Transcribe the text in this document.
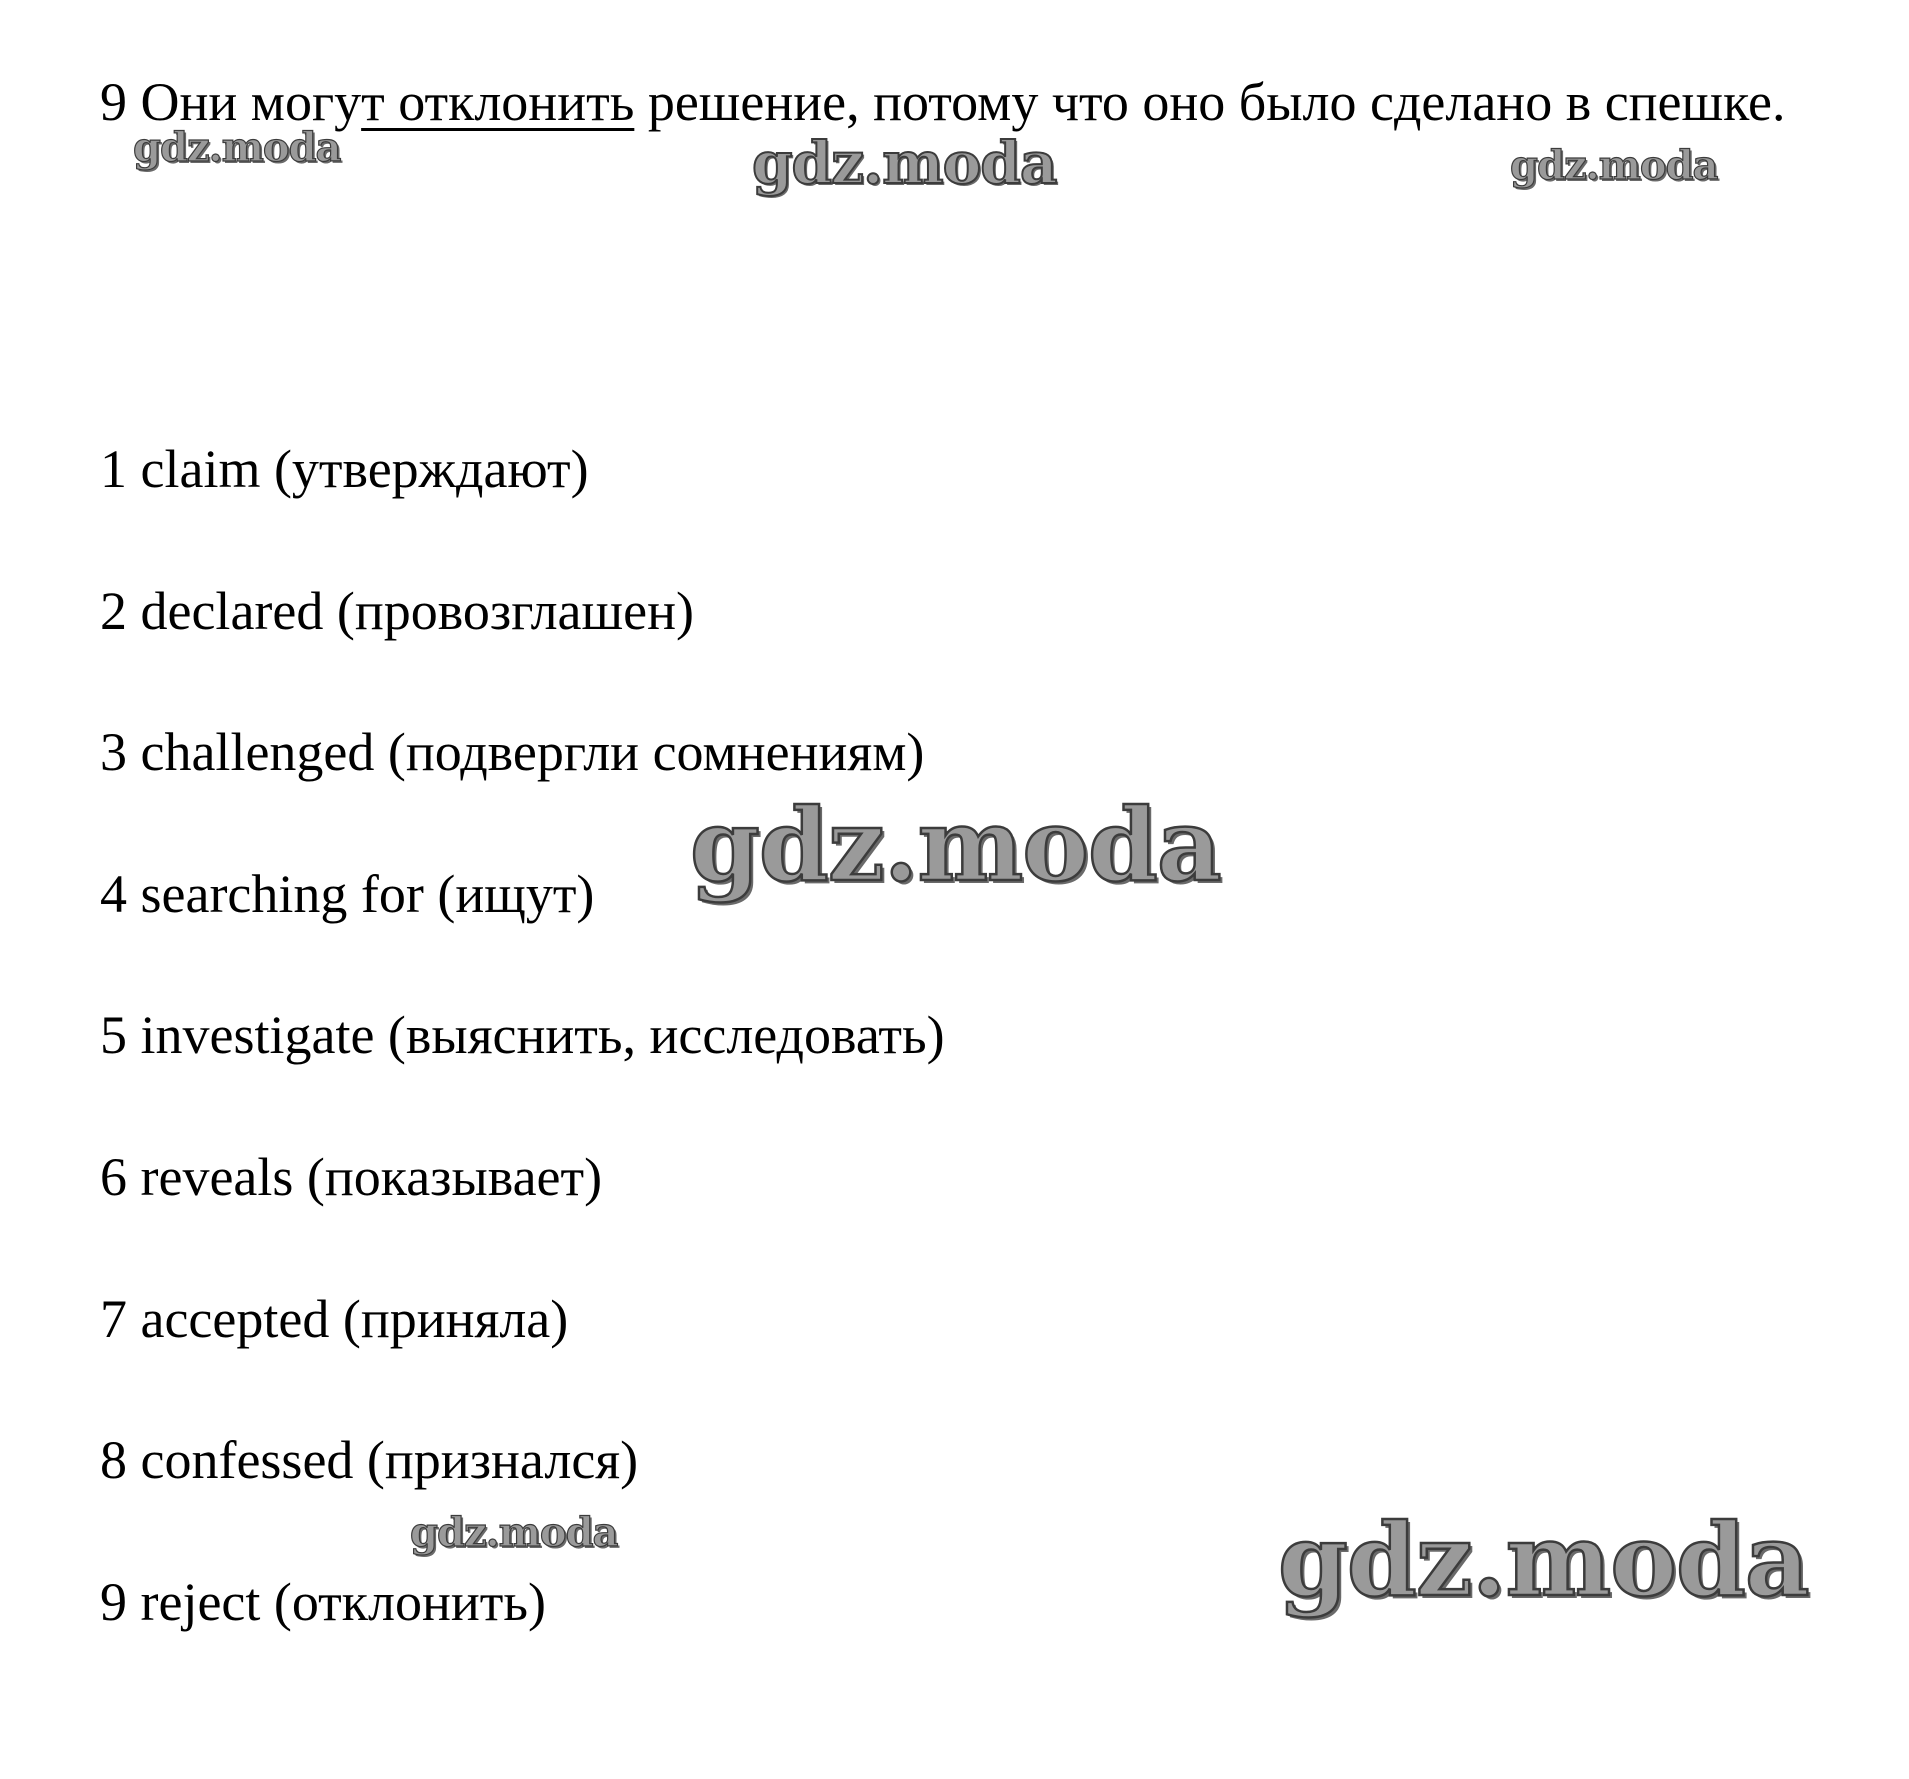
9 Они могут отклонить решение, потому что оно было сделано в спешке.

1 claim (утверждают)
2 declared (провозглашен)
3 challenged (подвергли сомнениям)
4 searching for (ищут)
5 investigate (выяснить, исследовать)
6 reveals (показывает)
7 accepted (приняла)
8 confessed (признался)
9 reject (отклонить)
gdz.moda	gdz.moda	gdz.moda
gdz.moda
gdz.moda	gdz.moda
